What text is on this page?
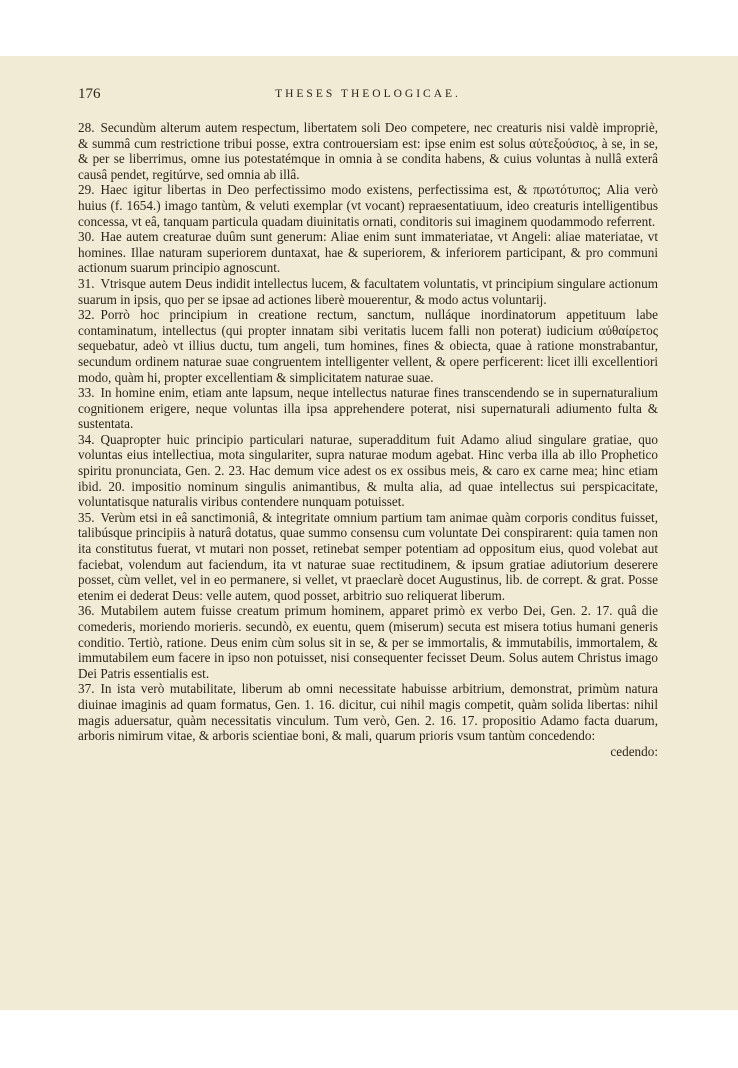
176	THESES THEOLOGICAE.

28. Secundùm alterum autem respectum, libertatem soli Deo competere, nec creaturis nisi valdè impropriè, & summâ cum restrictione tribui posse, extra controuersiam est: ipse enim est solus αὐτεξούσιος, à se, in se, & per se liberrimus, omne ius potestatémque in omnia à se condita habens, & cuius voluntas à nullâ exterâ causâ pendet, regitúrve, sed omnia ab illâ.

29. Haec igitur libertas in Deo perfectissimo modo existens, perfectissima est, & πρωτότυπος; Alia verò huius (f. 1654.) imago tantùm, & veluti exemplar (vt vocant) repraesentatiuum, ideo creaturis intelligentibus concessa, vt eâ, tanquam particula quadam diuinitatis ornati, conditoris sui imaginem quodammodo referrent.

30. Hae autem creaturae duûm sunt generum: Aliae enim sunt immateriatae, vt Angeli: aliae materiatae, vt homines. Illae naturam superiorem duntaxat, hae & superiorem, & inferiorem participant, & pro communi actionum suarum principio agnoscunt.

31. Vtrisque autem Deus indidit intellectus lucem, & facultatem voluntatis, vt principium singulare actionum suarum in ipsis, quo per se ipsae ad actiones liberè mouerentur, & modo actus voluntarij.

32. Porrò hoc principium in creatione rectum, sanctum, nulláque inordinatorum appetituum labe contaminatum, intellectus (qui propter innatam sibi veritatis lucem falli non poterat) iudicium αὐθαίρετος sequebatur, adeò vt illius ductu, tum angeli, tum homines, fines & obiecta, quae à ratione monstrabantur, secundum ordinem naturae suae congruentem intelligenter vellent, & opere perficerent: licet illi excellentiori modo, quàm hi, propter excellentiam & simplicitatem naturae suae.

33. In homine enim, etiam ante lapsum, neque intellectus naturae fines transcendendo se in supernaturalium cognitionem erigere, neque voluntas illa ipsa apprehendere poterat, nisi supernaturali adiumento fulta & sustentata.

34. Quapropter huic principio particulari naturae, superadditum fuit Adamo aliud singulare gratiae, quo voluntas eius intellectiua, mota singulariter, supra naturae modum agebat. Hinc verba illa ab illo Prophetico spiritu pronunciata, Gen. 2. 23. Hac demum vice adest os ex ossibus meis, & caro ex carne mea; hinc etiam ibid. 20. impositio nominum singulis animantibus, & multa alia, ad quae intellectus sui perspicacitate, voluntatisque naturalis viribus contendere nunquam potuisset.

35. Verùm etsi in eâ sanctimoniâ, & integritate omnium partium tam animae quàm corporis conditus fuisset, talibúsque principiis à naturâ dotatus, quae summo consensu cum voluntate Dei conspirarent: quia tamen non ita constitutus fuerat, vt mutari non posset, retinebat semper potentiam ad oppositum eius, quod volebat aut faciebat, volendum aut faciendum, ita vt naturae suae rectitudinem, & ipsum gratiae adiutorium deserere posset, cùm vellet, vel in eo permanere, si vellet, vt praeclarè docet Augustinus, lib. de corrept. & grat. Posse etenim ei dederat Deus: velle autem, quod posset, arbitrio suo reliquerat liberum.

36. Mutabilem autem fuisse creatum primum hominem, apparet primò ex verbo Dei, Gen. 2. 17. quâ die comederis, moriendo morieris. secundò, ex euentu, quem (miserum) secuta est misera totius humani generis conditio. Tertiò, ratione. Deus enim cùm solus sit in se, & per se immortalis, & immutabilis, immortalem, & immutabilem eum facere in ipso non potuisset, nisi consequenter fecisset Deum. Solus autem Christus imago Dei Patris essentialis est.

37. In ista verò mutabilitate, liberum ab omni necessitate habuisse arbitrium, demonstrat, primùm natura diuinae imaginis ad quam formatus, Gen. 1. 16. dicitur, cui nihil magis competit, quàm solida libertas: nihil magis aduersatur, quàm necessitatis vinculum. Tum verò, Gen. 2. 16. 17. propositio Adamo facta duarum, arboris nimirum vitae, & arboris scientiae boni, & mali, quarum prioris vsum tantùm concedendo:

cedendo:
